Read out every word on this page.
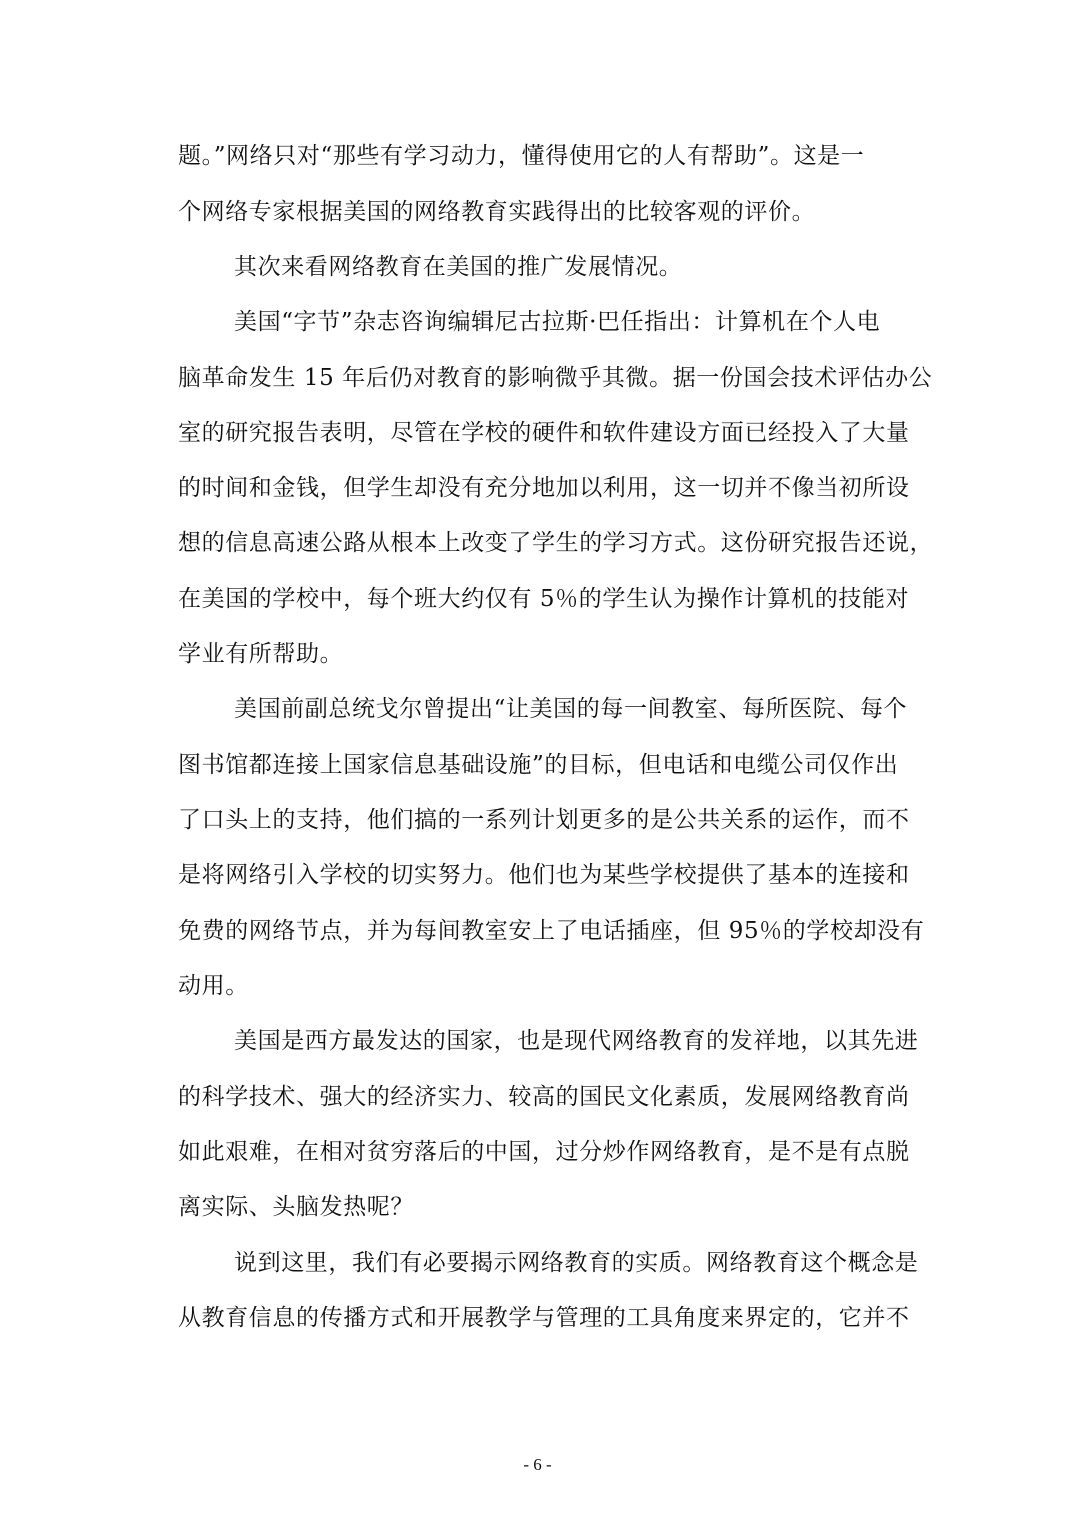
题。”网络只对“那些有学习动力，懂得使用它的人有帮助”。这是一
个网络专家根据美国的网络教育实践得出的比较客观的评价。
其次来看网络教育在美国的推广发展情况。
美国“字节”杂志咨询编辑尼古拉斯·巴任指出：计算机在个人电
脑革命发生 15 年后仍对教育的影响微乎其微。据一份国会技术评估办公
室的研究报告表明，尽管在学校的硬件和软件建设方面已经投入了大量
的时间和金钱，但学生却没有充分地加以利用，这一切并不像当初所设
想的信息高速公路从根本上改变了学生的学习方式。这份研究报告还说，
在美国的学校中，每个班大约仅有 5％的学生认为操作计算机的技能对
学业有所帮助。
美国前副总统戈尔曾提出“让美国的每一间教室、每所医院、每个
图书馆都连接上国家信息基础设施”的目标，但电话和电缆公司仅作出
了口头上的支持，他们搞的一系列计划更多的是公共关系的运作，而不
是将网络引入学校的切实努力。他们也为某些学校提供了基本的连接和
免费的网络节点，并为每间教室安上了电话插座，但 95％的学校却没有
动用。
美国是西方最发达的国家，也是现代网络教育的发祥地，以其先进
的科学技术、强大的经济实力、较高的国民文化素质，发展网络教育尚
如此艰难，在相对贫穷落后的中国，过分炒作网络教育，是不是有点脱
离实际、头脑发热呢？
说到这里，我们有必要揭示网络教育的实质。网络教育这个概念是
从教育信息的传播方式和开展教学与管理的工具角度来界定的，它并不
- 6 -
